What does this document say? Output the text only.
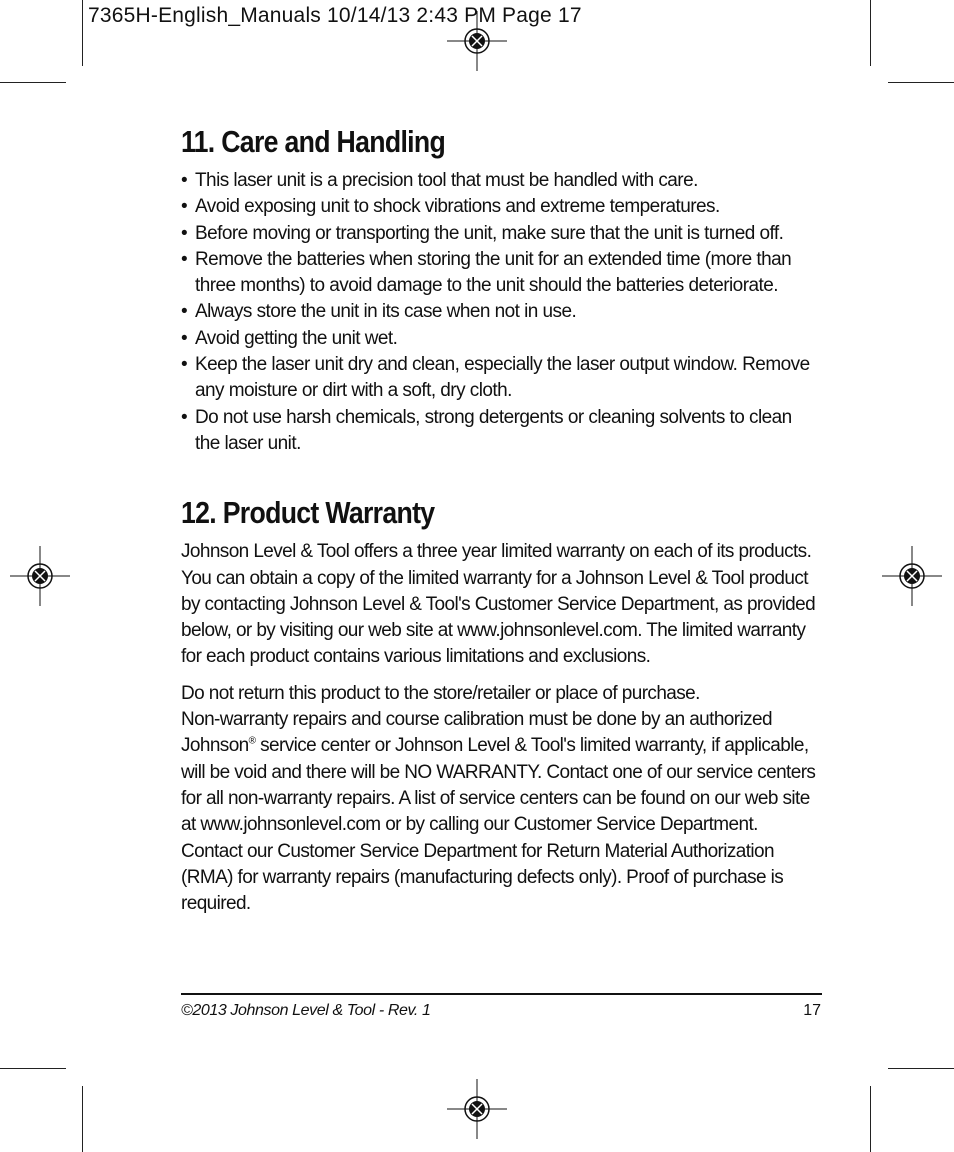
7365H-English_Manuals 10/14/13 2:43 PM Page 17
11. Care and Handling
• This laser unit is a precision tool that must be handled with care.
• Avoid exposing unit to shock vibrations and extreme temperatures.
• Before moving or transporting the unit, make sure that the unit is turned off.
• Remove the batteries when storing the unit for an extended time (more than three months) to avoid damage to the unit should the batteries deteriorate.
• Always store the unit in its case when not in use.
• Avoid getting the unit wet.
• Keep the laser unit dry and clean, especially the laser output window. Remove any moisture or dirt with a soft, dry cloth.
• Do not use harsh chemicals, strong detergents or cleaning solvents to clean the laser unit.
12. Product Warranty

Johnson Level & Tool offers a three year limited warranty on each of its products. You can obtain a copy of the limited warranty for a Johnson Level & Tool product by contacting Johnson Level & Tool's Customer Service Department, as provided below, or by visiting our web site at www.johnsonlevel.com. The limited warranty for each product contains various limitations and exclusions.

Do not return this product to the store/retailer or place of purchase.
Non-warranty repairs and course calibration must be done by an authorized Johnson® service center or Johnson Level & Tool's limited warranty, if applicable, will be void and there will be NO WARRANTY. Contact one of our service centers for all non-warranty repairs. A list of service centers can be found on our web site at www.johnsonlevel.com or by calling our Customer Service Department. Contact our Customer Service Department for Return Material Authorization (RMA) for warranty repairs (manufacturing defects only). Proof of purchase is required.

©2013 Johnson Level & Tool - Rev. 1	17
